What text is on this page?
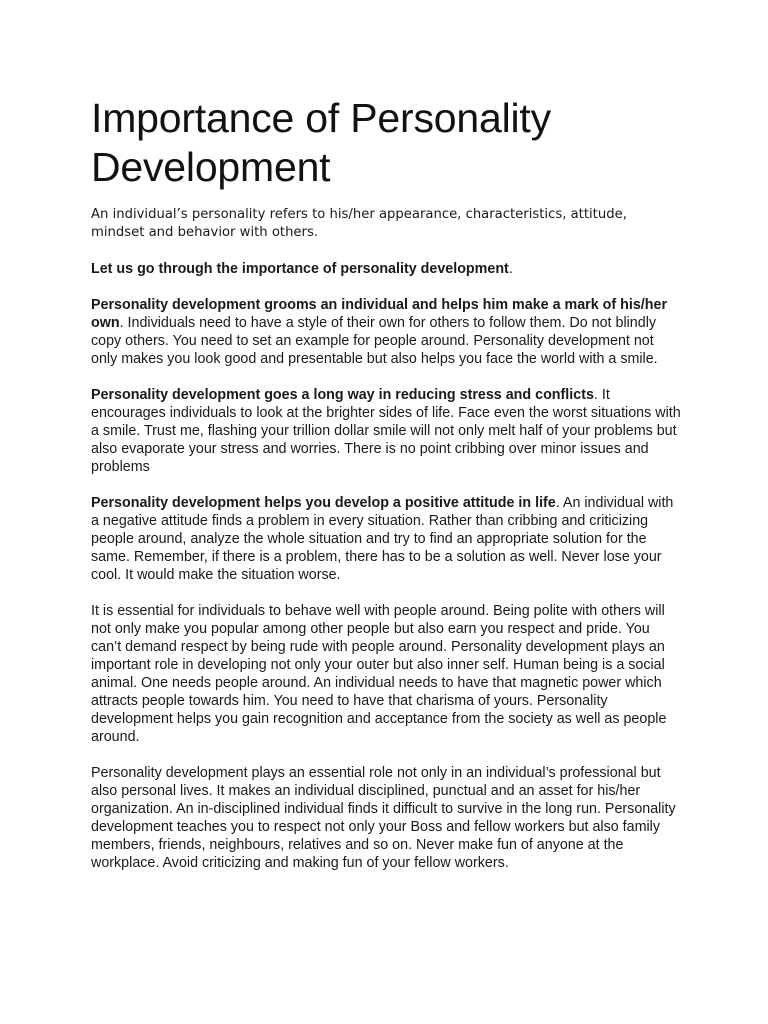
Importance of Personality Development

An individual’s personality refers to his/her appearance, characteristics, attitude, mindset and behavior with others.

Let us go through the importance of personality development.

Personality development grooms an individual and helps him make a mark of his/her own. Individuals need to have a style of their own for others to follow them. Do not blindly copy others. You need to set an example for people around. Personality development not only makes you look good and presentable but also helps you face the world with a smile.

Personality development goes a long way in reducing stress and conflicts. It encourages individuals to look at the brighter sides of life. Face even the worst situations with a smile. Trust me, flashing your trillion dollar smile will not only melt half of your problems but also evaporate your stress and worries. There is no point cribbing over minor issues and problems

Personality development helps you develop a positive attitude in life. An individual with a negative attitude finds a problem in every situation. Rather than cribbing and criticizing people around, analyze the whole situation and try to find an appropriate solution for the same. Remember, if there is a problem, there has to be a solution as well. Never lose your cool. It would make the situation worse.

It is essential for individuals to behave well with people around. Being polite with others will not only make you popular among other people but also earn you respect and pride. You can’t demand respect by being rude with people around. Personality development plays an important role in developing not only your outer but also inner self. Human being is a social animal. One needs people around. An individual needs to have that magnetic power which attracts people towards him. You need to have that charisma of yours. Personality development helps you gain recognition and acceptance from the society as well as people around.

Personality development plays an essential role not only in an individual’s professional but also personal lives. It makes an individual disciplined, punctual and an asset for his/her organization. An in-disciplined individual finds it difficult to survive in the long run. Personality development teaches you to respect not only your Boss and fellow workers but also family members, friends, neighbours, relatives and so on. Never make fun of anyone at the workplace. Avoid criticizing and making fun of your fellow workers.
